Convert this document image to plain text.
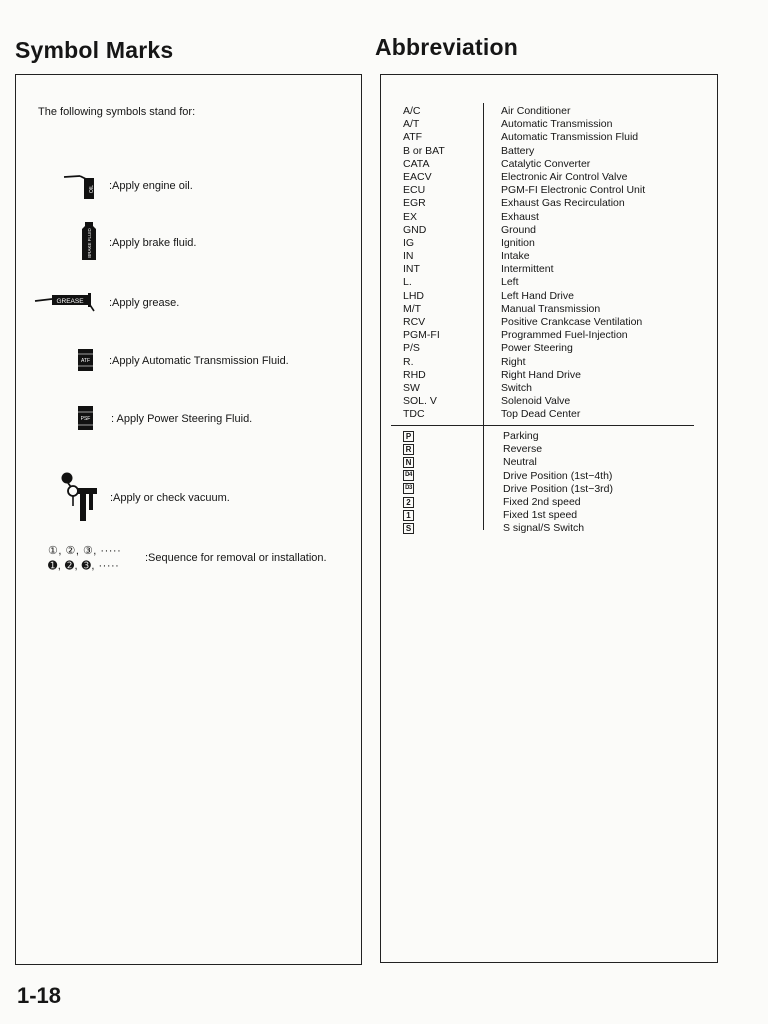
Symbol Marks	Abbreviation
The following symbols stand for:
OIL :Apply engine oil.
BRAKE FLUID :Apply brake fluid.
GREASE :Apply grease.
ATF :Apply Automatic Transmission Fluid.
PSF : Apply Power Steering Fluid.
:Apply or check vacuum.
①, ②, ③, ·····
➊, ➋, ➌, ·····
:Sequence for removal or installation.
A/C	Air Conditioner
A/T	Automatic Transmission
ATF	Automatic Transmission Fluid
B or BAT	Battery
CATA	Catalytic Converter
EACV	Electronic Air Control Valve
ECU	PGM-FI Electronic Control Unit
EGR	Exhaust Gas Recirculation
EX	Exhaust
GND	Ground
IG	Ignition
IN	Intake
INT	Intermittent
L.	Left
LHD	Left Hand Drive
M/T	Manual Transmission
RCV	Positive Crankcase Ventilation
PGM-FI	Programmed Fuel-Injection
P/S	Power Steering
R.	Right
RHD	Right Hand Drive
SW	Switch
SOL. V	Solenoid Valve
TDC	Top Dead Center
P	Parking
R	Reverse
N	Neutral
D4	Drive Position (1st−4th)
D3	Drive Position (1st−3rd)
2	Fixed 2nd speed
1	Fixed 1st speed
S	S signal/S Switch
1-18
